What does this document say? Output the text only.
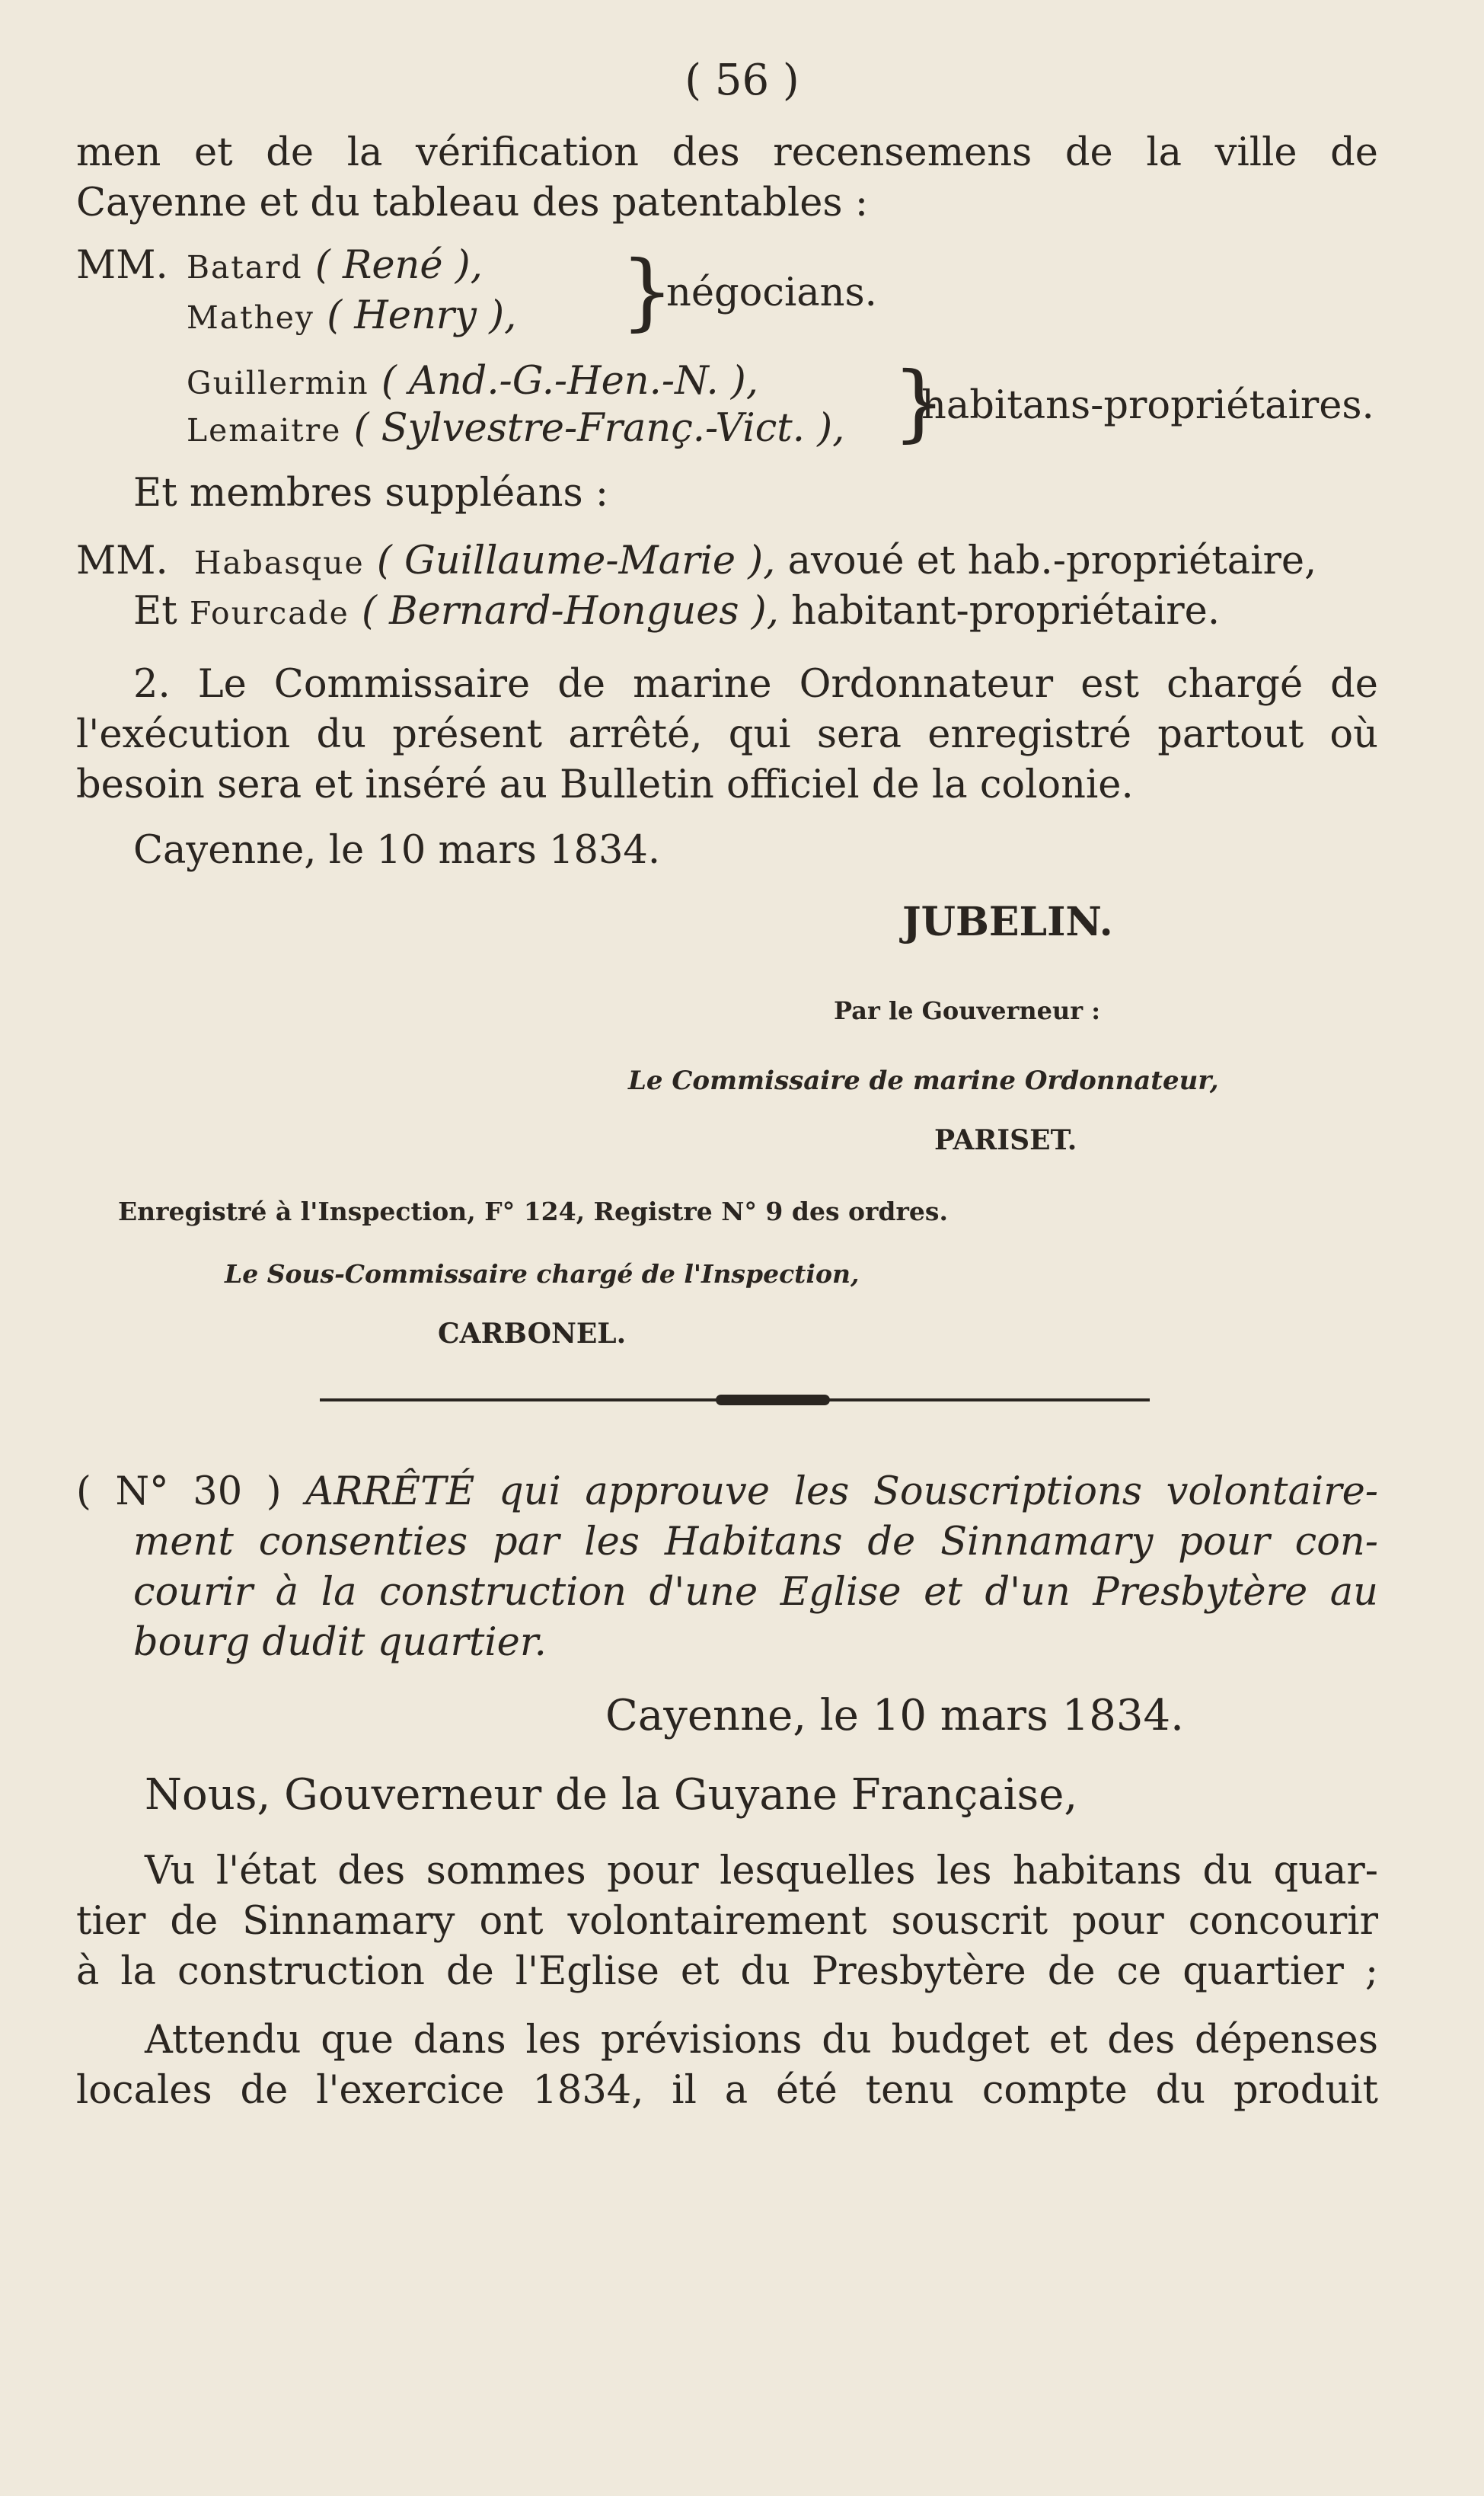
( 56 )
men et de la vérification des recensemens de la ville de
Cayenne et du tableau des patentables :
MM. Batard ( René ),
Mathey ( Henry ), }
négocians.
Guillermin ( And.-G.-Hen.-N. ),
Lemaitre ( Sylvestre-Franç.-Vict. ), }
habitans-propriétaires.
Et membres suppléans :
MM. Habasque ( Guillaume-Marie ), avoué et hab.-propriétaire,
Et Fourcade ( Bernard-Hongues ), habitant-propriétaire.
2. Le Commissaire de marine Ordonnateur est chargé de
l'exécution du présent arrêté, qui sera enregistré partout où
besoin sera et inséré au Bulletin officiel de la colonie.
Cayenne, le 10 mars 1834.
JUBELIN.
Par le Gouverneur :
Le Commissaire de marine Ordonnateur,
PARISET.
Enregistré à l'Inspection, F° 124, Registre N° 9 des ordres.
Le Sous-Commissaire chargé de l'Inspection,
CARBONEL.
( N° 30 ) ARRÊTÉ qui approuve les Souscriptions volontaire-
ment consenties par les Habitans de Sinnamary pour con-
courir à la construction d'une Eglise et d'un Presbytère au
bourg dudit quartier.
Cayenne, le 10 mars 1834.
Nous, Gouverneur de la Guyane Française,
Vu l'état des sommes pour lesquelles les habitans du quar-
tier de Sinnamary ont volontairement souscrit pour concourir
à la construction de l'Eglise et du Presbytère de ce quartier ;
Attendu que dans les prévisions du budget et des dépenses
locales de l'exercice 1834, il a été tenu compte du produit
